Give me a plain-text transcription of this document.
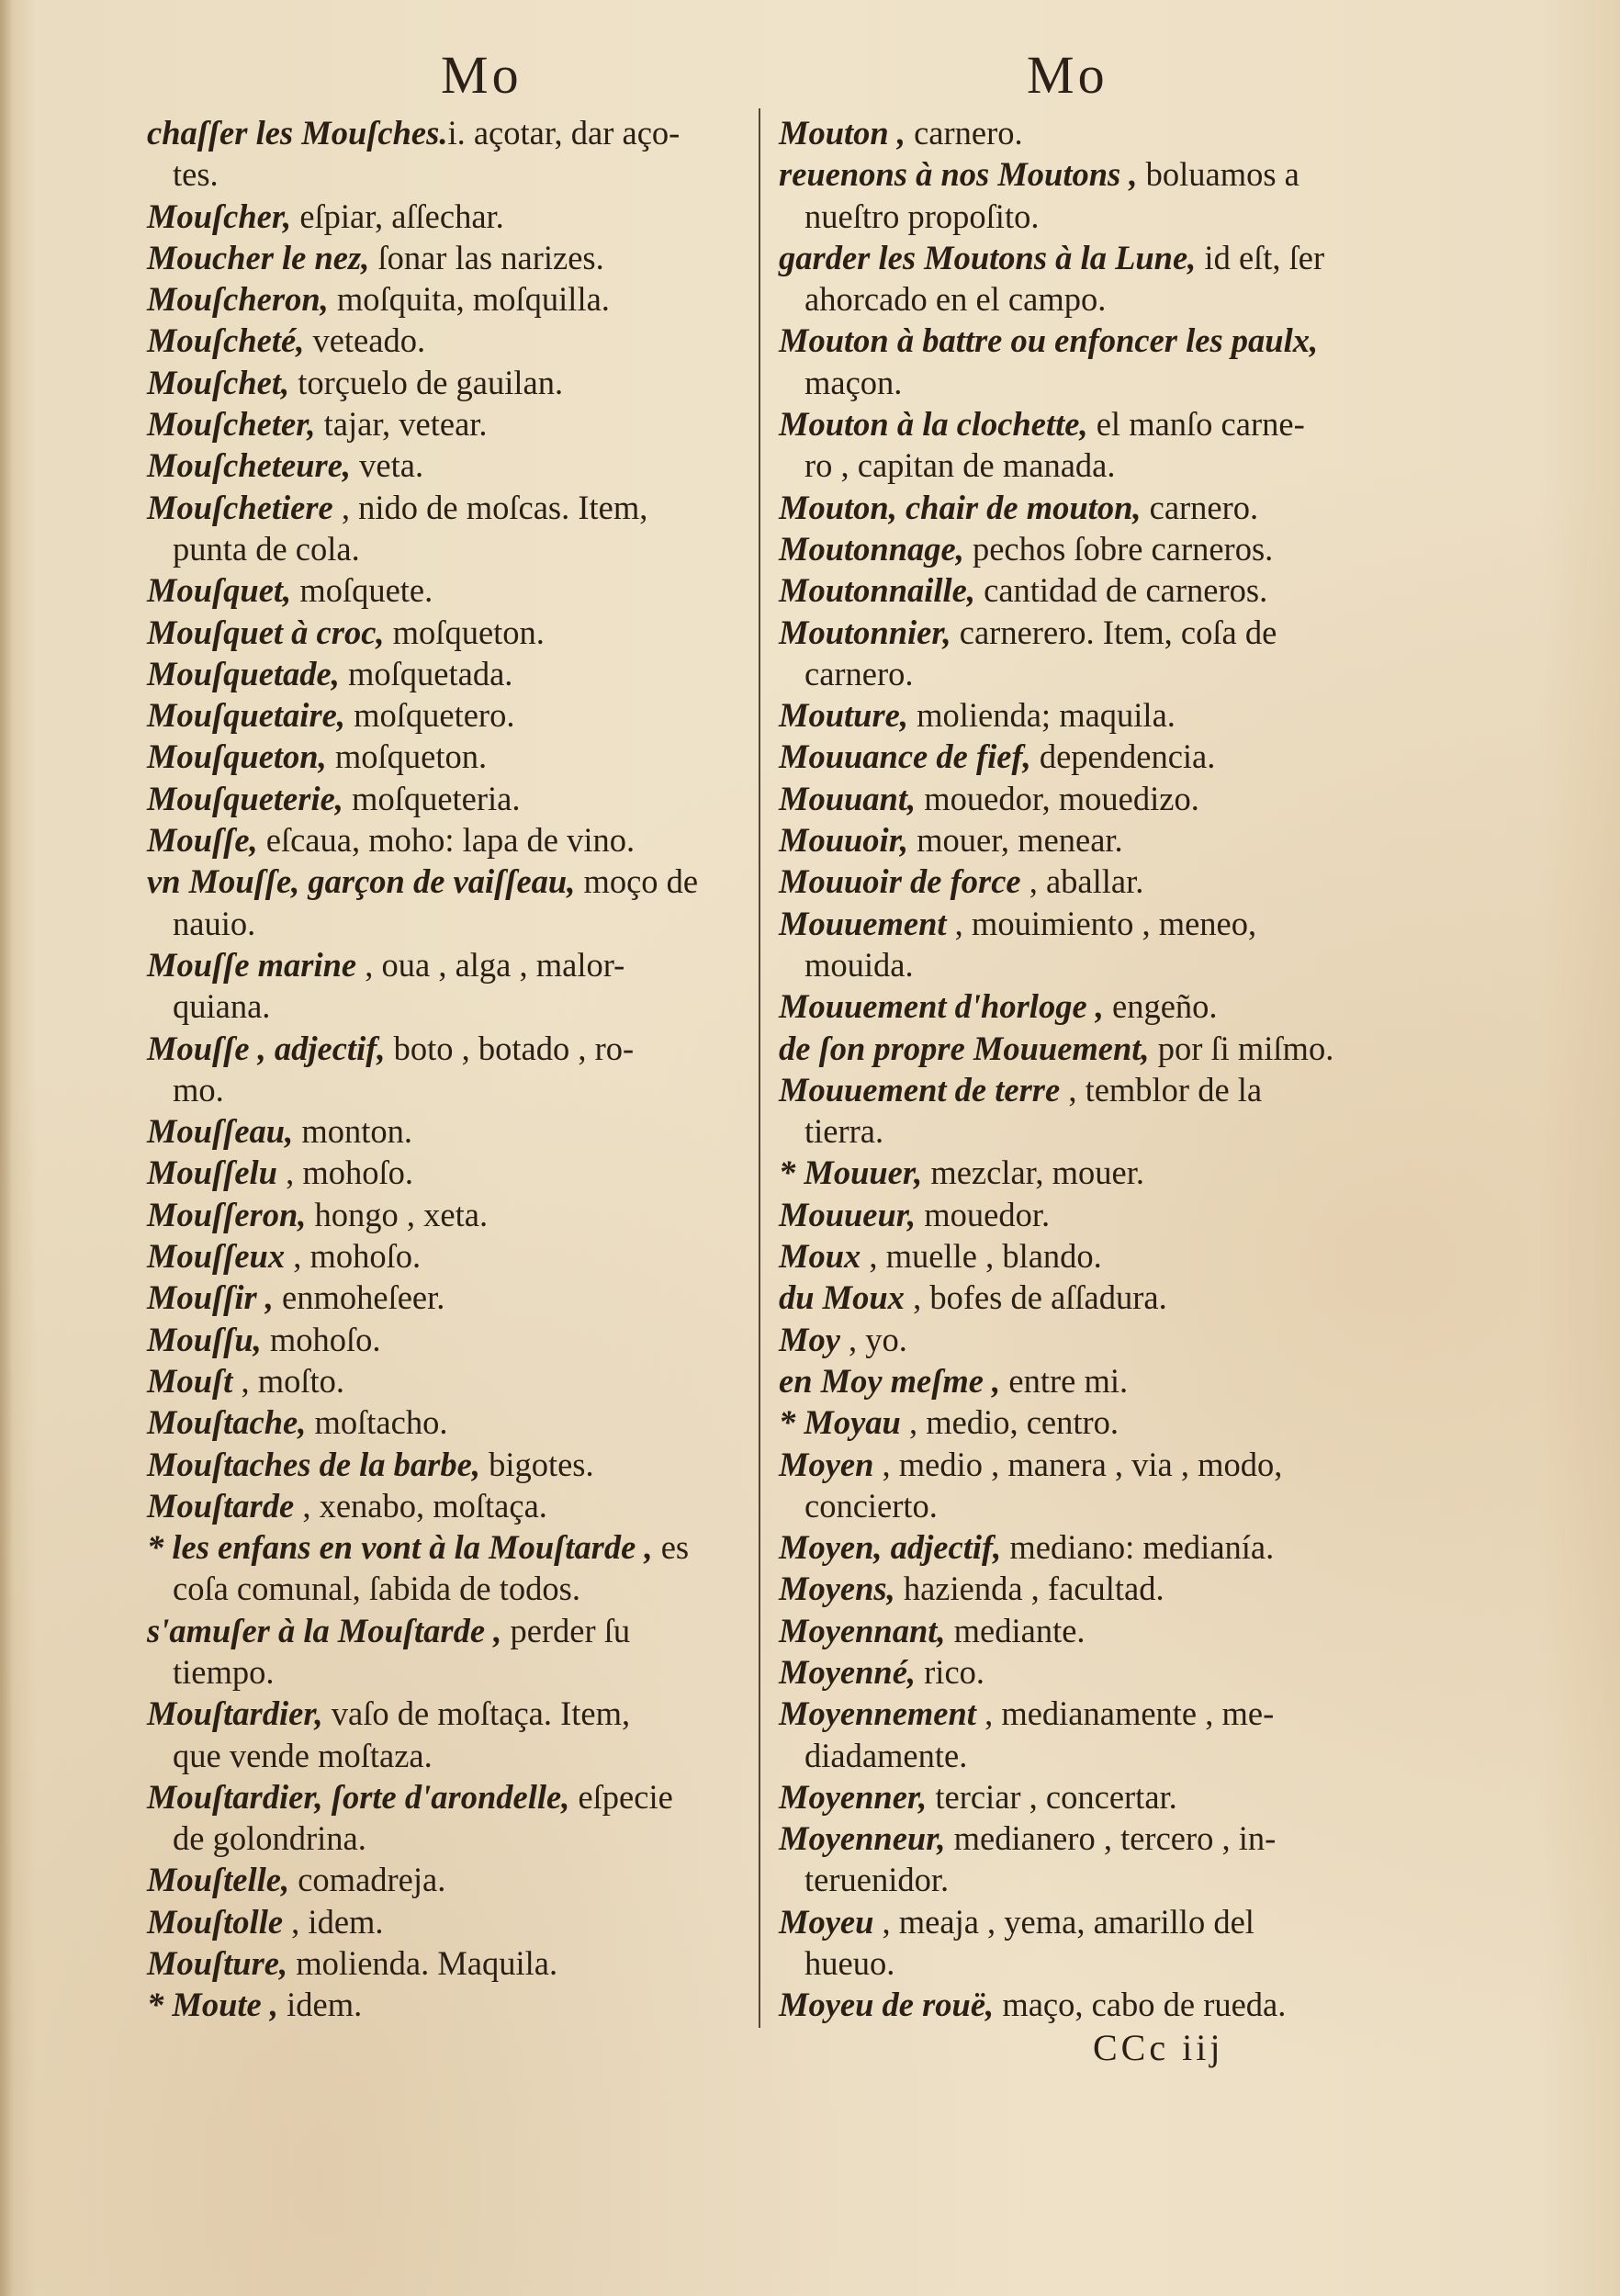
Mo	Mo
chaſſer les Mouſches.i. açotar, dar aço-
tes.
Mouſcher, eſpiar, aſſechar.
Moucher le nez, ſonar las narizes.
Mouſcheron, moſquita, moſquilla.
Mouſcheté, veteado.
Mouſchet, torçuelo de gauilan.
Mouſcheter, tajar, vetear.
Mouſcheteure, veta.
Mouſchetiere , nido de moſcas. Item,
punta de cola.
Mouſquet, moſquete.
Mouſquet à croc, moſqueton.
Mouſquetade, moſquetada.
Mouſquetaire, moſquetero.
Mouſqueton, moſqueton.
Mouſqueterie, moſqueteria.
Mouſſe, eſcaua, moho: lapa de vino.
vn Mouſſe, garçon de vaiſſeau, moço de
nauio.
Mouſſe marine , oua , alga , malor-
quiana.
Mouſſe , adjectif, boto , botado , ro-
mo.
Mouſſeau, monton.
Mouſſelu , mohoſo.
Mouſſeron, hongo , xeta.
Mouſſeux , mohoſo.
Mouſſir , enmoheſeer.
Mouſſu, mohoſo.
Mouſt , moſto.
Mouſtache, moſtacho.
Mouſtaches de la barbe, bigotes.
Mouſtarde , xenabo, moſtaça.
* les enfans en vont à la Mouſtarde , es
coſa comunal, ſabida de todos.
s'amuſer à la Mouſtarde , perder ſu
tiempo.
Mouſtardier, vaſo de moſtaça. Item,
que vende moſtaza.
Mouſtardier, ſorte d'arondelle, eſpecie
de golondrina.
Mouſtelle, comadreja.
Mouſtolle , idem.
Mouſture, molienda. Maquila.
* Moute , idem.
Mouton , carnero.
reuenons à nos Moutons , boluamos a
nueſtro propoſito.
garder les Moutons à la Lune, id eſt, ſer
ahorcado en el campo.
Mouton à battre ou enfoncer les paulx,
maçon.
Mouton à la clochette, el manſo carne-
ro , capitan de manada.
Mouton, chair de mouton, carnero.
Moutonnage, pechos ſobre carneros.
Moutonnaille, cantidad de carneros.
Moutonnier, carnerero. Item, coſa de
carnero.
Mouture, molienda; maquila.
Mouuance de fief, dependencia.
Mouuant, mouedor, mouedizo.
Mouuoir, mouer, menear.
Mouuoir de force , aballar.
Mouuement , mouimiento , meneo,
mouida.
Mouuement d'horloge , engeño.
de ſon propre Mouuement, por ſi miſmo.
Mouuement de terre , temblor de la
tierra.
* Mouuer, mezclar, mouer.
Mouueur, mouedor.
Moux , muelle , blando.
du Moux , bofes de aſſadura.
Moy , yo.
en Moy meſme , entre mi.
* Moyau , medio, centro.
Moyen , medio , manera , via , modo,
concierto.
Moyen, adjectif, mediano: medianía.
Moyens, hazienda , facultad.
Moyennant, mediante.
Moyenné, rico.
Moyennement , medianamente , me-
diadamente.
Moyenner, terciar , concertar.
Moyenneur, medianero , tercero , in-
teruenidor.
Moyeu , meaja , yema, amarillo del
hueuo.
Moyeu de rouë, maço, cabo de rueda.
CCc iij
